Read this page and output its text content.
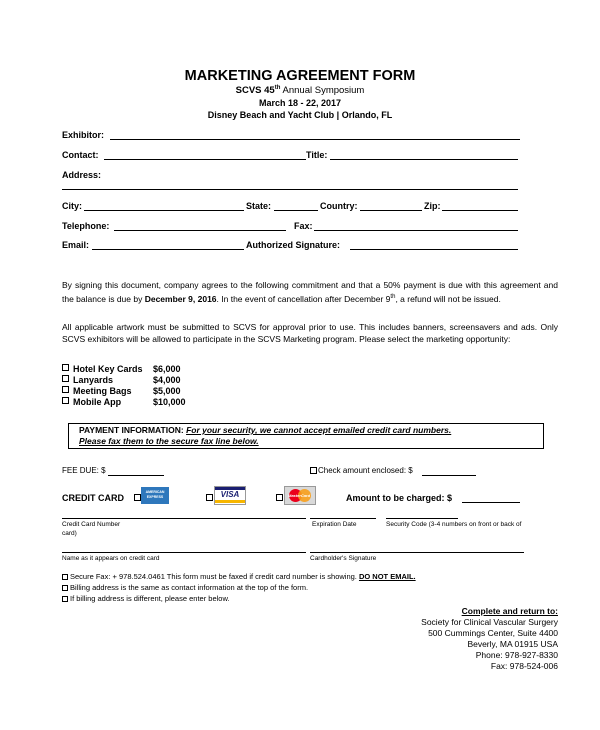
MARKETING AGREEMENT FORM
SCVS 45th Annual Symposium
March 18 - 22, 2017
Disney Beach and Yacht Club | Orlando, FL
Exhibitor:
Contact:	Title:
Address:
City:	State:	Country:	Zip:
Telephone:	Fax:
Email:	Authorized Signature:
By signing this document, company agrees to the following commitment and that a 50% payment is due with this agreement and the balance is due by December 9, 2016. In the event of cancellation after December 9th, a refund will not be issued.
All applicable artwork must be submitted to SCVS for approval prior to use. This includes banners, screensavers and ads. Only SCVS exhibitors will be allowed to participate in the SCVS Marketing program. Please select the marketing opportunity:
Hotel Key Cards	$6,000
Lanyards	$4,000
Meeting Bags	$5,000
Mobile App	$10,000
PAYMENT INFORMATION: For your security, we cannot accept emailed credit card numbers.
Please fax them to the secure fax line below.
FEE DUE: $	Check amount enclosed: $
CREDIT CARD
AMERICAN EXPRESS	VISA	MasterCard	Amount to be charged: $
Credit Card Number	Expiration Date	Security Code (3-4 numbers on front or back of
card)
Name as it appears on credit card	Cardholder's Signature
Secure Fax: + 978.524.0461 This form must be faxed if credit card number is showing. DO NOT EMAIL.
Billing address is the same as contact information at the top of the form.
If billing address is different, please enter below.
Complete and return to:
Society for Clinical Vascular Surgery
500 Cummings Center, Suite 4400
Beverly, MA 01915 USA
Phone: 978-927-8330
Fax: 978-524-006
